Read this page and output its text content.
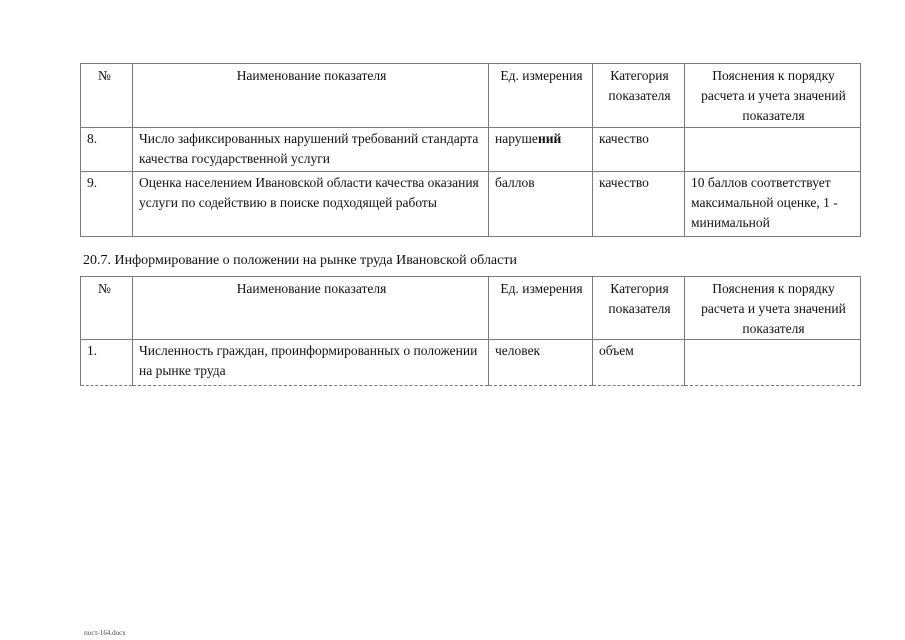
№	Наименование показателя	Ед. измерения	Категория показателя	Пояснения к порядку расчета и учета значений показателя
8.	Число зафиксированных нарушений требований стандарта качества государственной услуги	нарушений	качество	
9.	Оценка населением Ивановской области качества оказания услуги по содействию в поиске подходящей работы	баллов	качество	10 баллов соответствует максимальной оценке, 1 - минимальной
20.7. Информирование о положении на рынке труда Ивановской области
№	Наименование показателя	Ед. измерения	Категория показателя	Пояснения к порядку расчета и учета значений показателя
1.	Численность граждан, проинформированных о положении на рынке труда	человек	объем	
пост-164.docx
